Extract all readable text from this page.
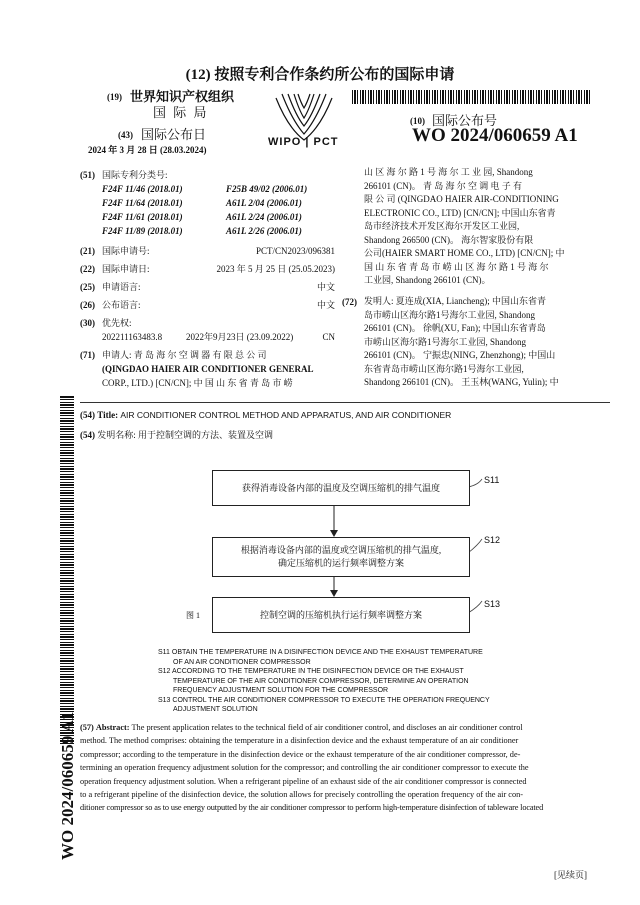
(12) 按照专利合作条约所公布的国际申请
(19) 世界知识产权组织
国 际 局
(43) 国际公布日
2024 年 3 月 28 日 (28.03.2024)
WIPO | PCT
(10) 国际公布号
WO 2024/060659 A1
(51) 国际专利分类号:
F24F 11/46 (2018.01)	F25B 49/02 (2006.01)
F24F 11/64 (2018.01)	A61L 2/04 (2006.01)
F24F 11/61 (2018.01)	A61L 2/24 (2006.01)
F24F 11/89 (2018.01)	A61L 2/26 (2006.01)
(21) 国际申请号:	PCT/CN2023/096381
(22) 国际申请日:	2023 年 5 月 25 日 (25.05.2023)
(25) 申请语言:	中文
(26) 公布语言:	中文
(30) 优先权:
202211163483.8	2022年9月23日 (23.09.2022)	CN
(71) 申请人: 青 岛 海 尔 空 调 器 有 限 总 公 司
(QINGDAO HAIER AIR CONDITIONER GENERAL
CORP., LTD.) [CN/CN]; 中 国 山 东 省 青 岛 市 崂
山 区 海 尔 路 1 号 海 尔 工 业 园, Shandong
266101 (CN)。 青 岛 海 尔 空 调 电 子 有
限 公 司 (QINGDAO HAIER AIR-CONDITIONING
ELECTRONIC CO., LTD) [CN/CN]; 中国山东省青
岛市经济技术开发区海尔开发区工业园,
Shandong 266500 (CN)。 海尔智家股份有限
公司(HAIER SMART HOME CO., LTD) [CN/CN]; 中
国 山 东 省 青 岛 市 崂 山 区 海 尔 路 1 号 海 尔
工业园, Shandong 266101 (CN)。
(72) 发明人: 夏连成(XIA, Liancheng); 中国山东省青
岛市崂山区海尔路1号海尔工业园, Shandong
266101 (CN)。 徐帆(XU, Fan); 中国山东省青岛
市崂山区海尔路1号海尔工业园, Shandong
266101 (CN)。 宁振忠(NING, Zhenzhong); 中国山
东省青岛市崂山区海尔路1号海尔工业园,
Shandong 266101 (CN)。 王玉林(WANG, Yulin); 中
(54) Title: AIR CONDITIONER CONTROL METHOD AND APPARATUS, AND AIR CONDITIONER
(54) 发明名称: 用于控制空调的方法、装置及空调
获得消毒设备内部的温度及空调压缩机的排气温度
S11
根据消毒设备内部的温度或空调压缩机的排气温度,
确定压缩机的运行频率调整方案
S12
控制空调的压缩机执行运行频率调整方案
S13
图 1
S11 OBTAIN THE TEMPERATURE IN A DISINFECTION DEVICE AND THE EXHAUST TEMPERATURE
OF AN AIR CONDITIONER COMPRESSOR
S12 ACCORDING TO THE TEMPERATURE IN THE DISINFECTION DEVICE OR THE EXHAUST
TEMPERATURE OF THE AIR CONDITIONER COMPRESSOR, DETERMINE AN OPERATION
FREQUENCY ADJUSTMENT SOLUTION FOR THE COMPRESSOR
S13 CONTROL THE AIR CONDITIONER COMPRESSOR TO EXECUTE THE OPERATION FREQUENCY
ADJUSTMENT SOLUTION
(57) Abstract: The present application relates to the technical field of air conditioner control, and discloses an air conditioner control
method. The method comprises: obtaining the temperature in a disinfection device and the exhaust temperature of an air conditioner
compressor; according to the temperature in the disinfection device or the exhaust temperature of the air conditioner compressor, de-
termining an operation frequency adjustment solution for the compressor; and controlling the air conditioner compressor to execute the
operation frequency adjustment solution. When a refrigerant pipeline of an exhaust side of the air conditioner compressor is connected
to a refrigerant pipeline of the disinfection device, the solution allows for precisely controlling the operation frequency of the air con-
ditioner compressor so as to use energy outputted by the air conditioner compressor to perform high-temperature disinfection of tableware located
WO 2024/060659 A1
[见续页]
